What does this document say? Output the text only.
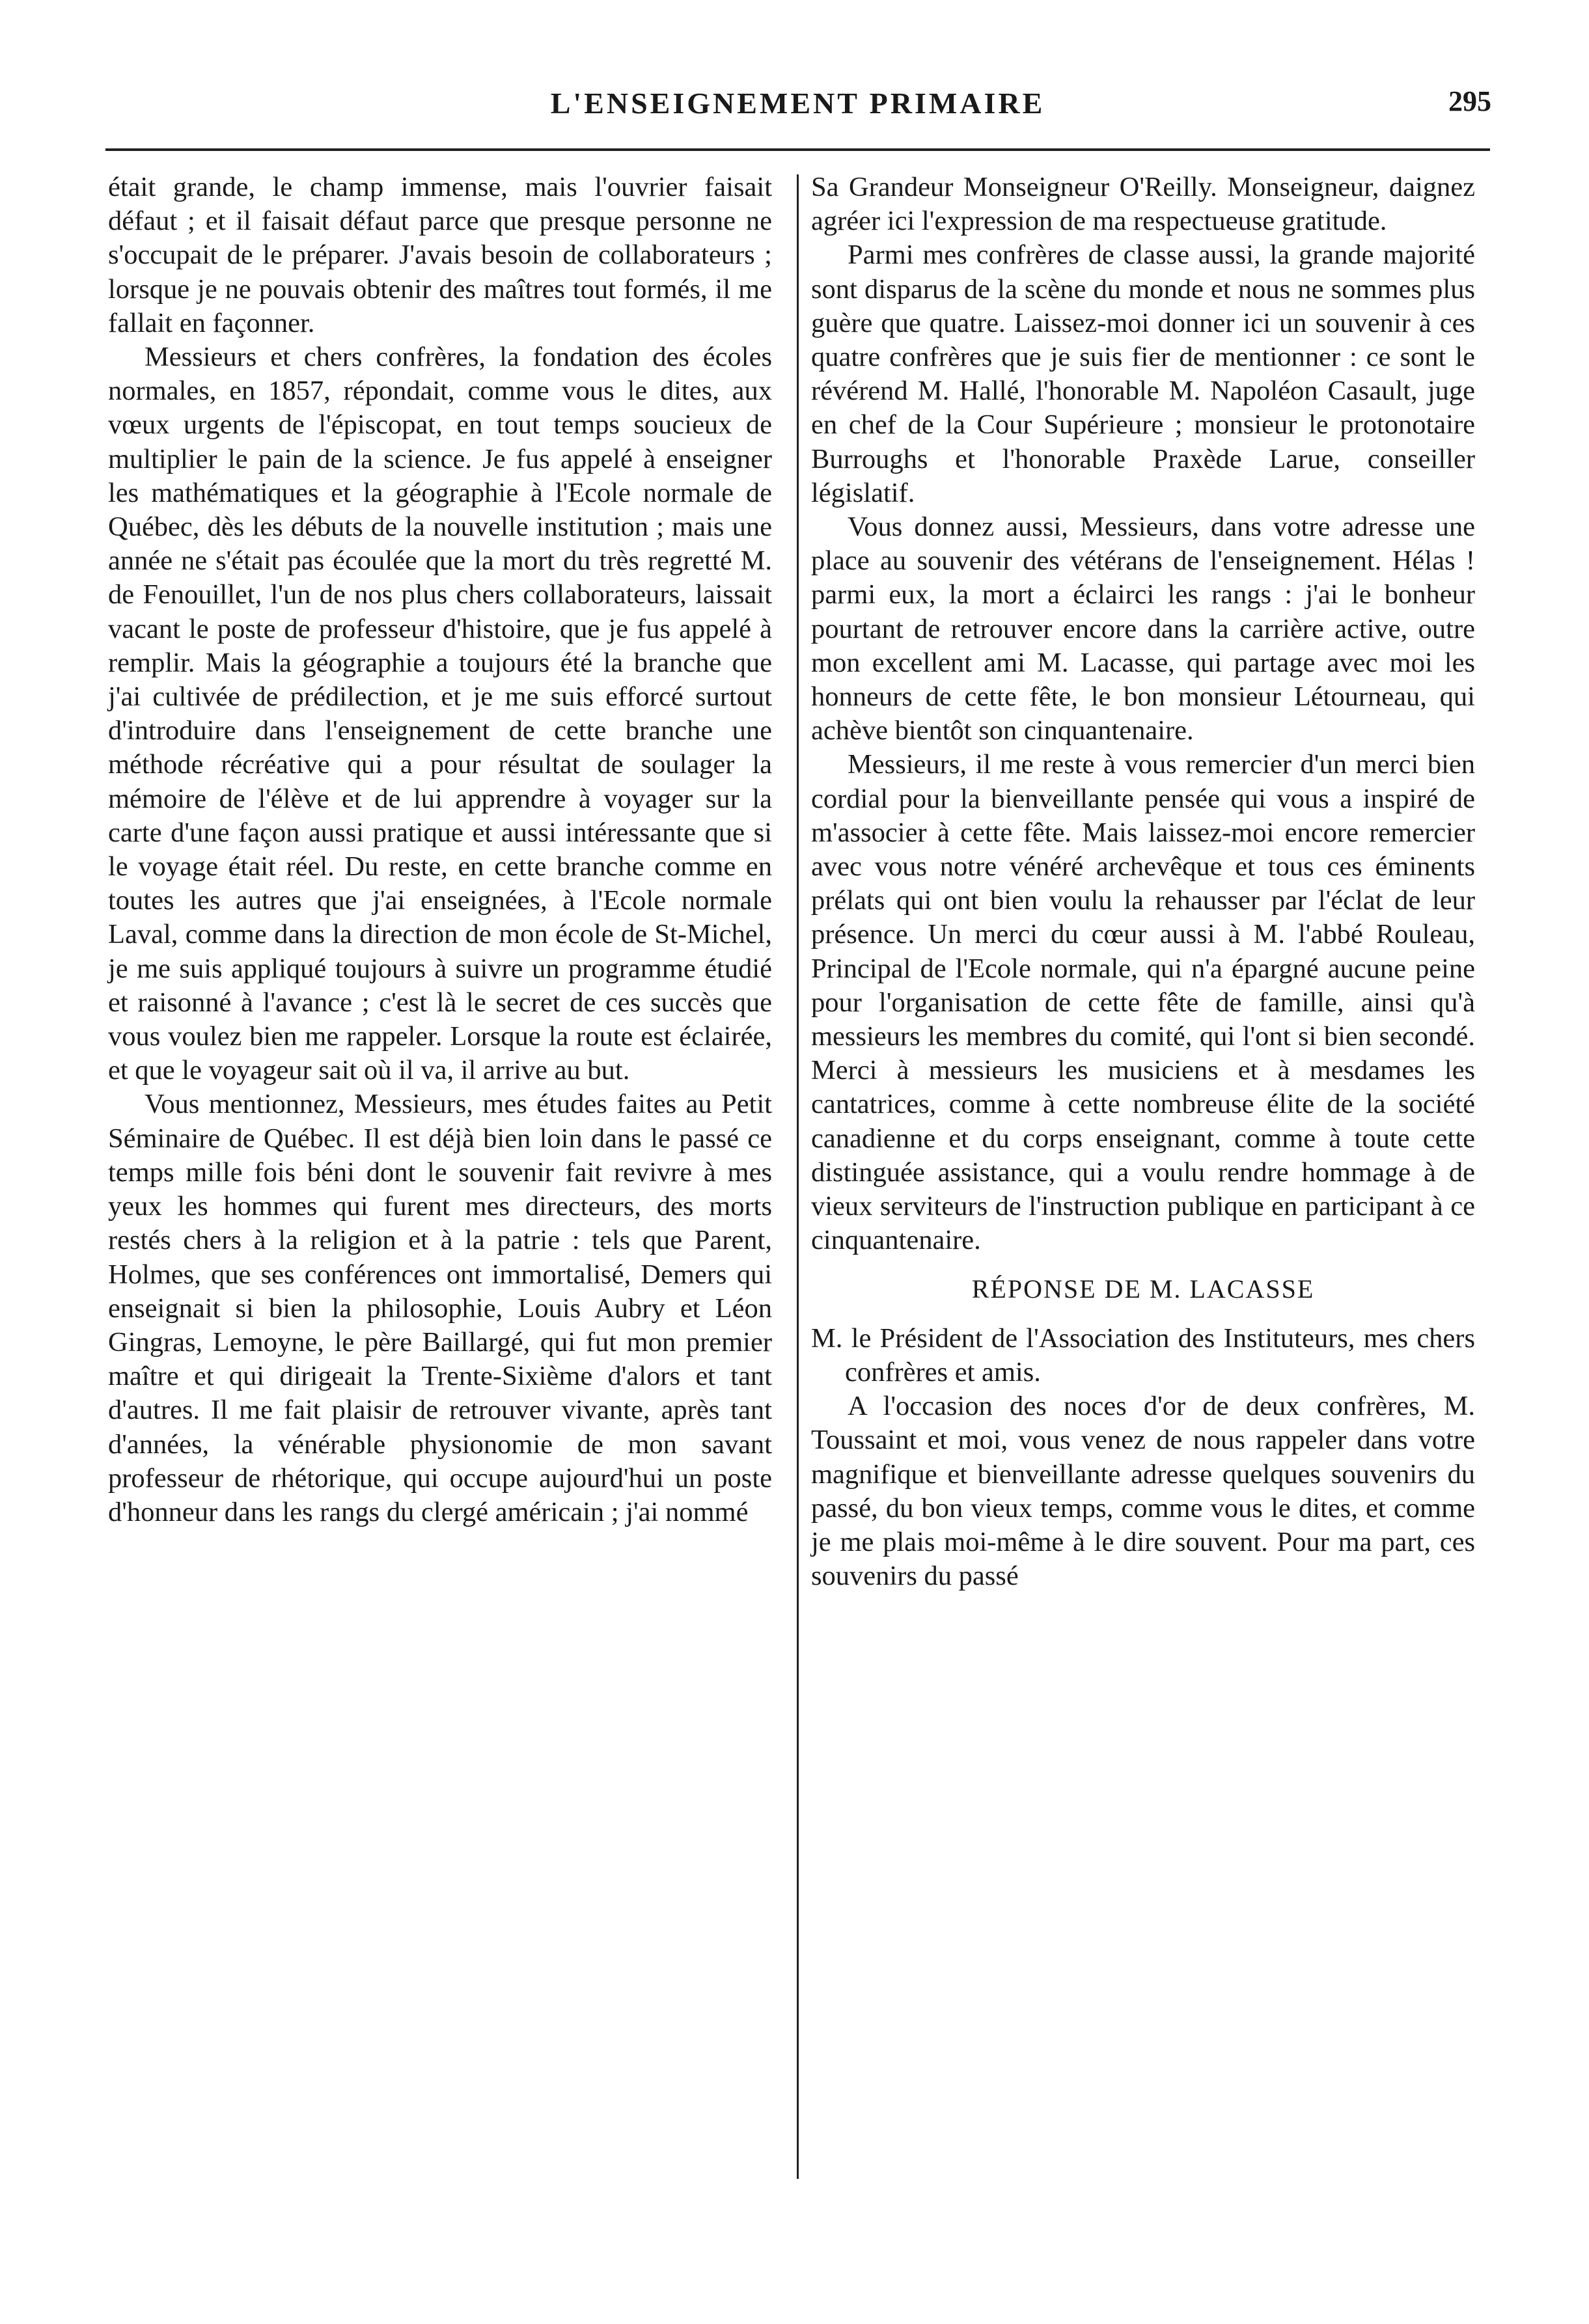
L'ENSEIGNEMENT PRIMAIRE	295

était grande, le champ immense, mais l'ouvrier faisait défaut ; et il faisait défaut parce que presque personne ne s'occupait de le préparer. J'avais besoin de collaborateurs ; lorsque je ne pouvais obtenir des maîtres tout formés, il me fallait en façonner.

Messieurs et chers confrères, la fondation des écoles normales, en 1857, répondait, comme vous le dites, aux vœux urgents de l'épiscopat, en tout temps soucieux de multiplier le pain de la science. Je fus appelé à enseigner les mathématiques et la géographie à l'Ecole normale de Québec, dès les débuts de la nouvelle institution ; mais une année ne s'était pas écoulée que la mort du très regretté M. de Fenouillet, l'un de nos plus chers collaborateurs, laissait vacant le poste de professeur d'histoire, que je fus appelé à remplir. Mais la géographie a toujours été la branche que j'ai cultivée de prédilection, et je me suis efforcé surtout d'introduire dans l'enseignement de cette branche une méthode récréative qui a pour résultat de soulager la mémoire de l'élève et de lui apprendre à voyager sur la carte d'une façon aussi pratique et aussi intéressante que si le voyage était réel. Du reste, en cette branche comme en toutes les autres que j'ai enseignées, à l'Ecole normale Laval, comme dans la direction de mon école de St-Michel, je me suis appliqué toujours à suivre un programme étudié et raisonné à l'avance ; c'est là le secret de ces succès que vous voulez bien me rappeler. Lorsque la route est éclairée, et que le voyageur sait où il va, il arrive au but.

Vous mentionnez, Messieurs, mes études faites au Petit Séminaire de Québec. Il est déjà bien loin dans le passé ce temps mille fois béni dont le souvenir fait revivre à mes yeux les hommes qui furent mes directeurs, des morts restés chers à la religion et à la patrie : tels que Parent, Holmes, que ses conférences ont immortalisé, Demers qui enseignait si bien la philosophie, Louis Aubry et Léon Gingras, Lemoyne, le père Baillargé, qui fut mon premier maître et qui dirigeait la Trente-Sixième d'alors et tant d'autres. Il me fait plaisir de retrouver vivante, après tant d'années, la vénérable physionomie de mon savant professeur de rhétorique, qui occupe aujourd'hui un poste d'honneur dans les rangs du clergé américain ; j'ai nommé

Sa Grandeur Monseigneur O'Reilly. Monseigneur, daignez agréer ici l'expression de ma respectueuse gratitude.

Parmi mes confrères de classe aussi, la grande majorité sont disparus de la scène du monde et nous ne sommes plus guère que quatre. Laissez-moi donner ici un souvenir à ces quatre confrères que je suis fier de mentionner : ce sont le révérend M. Hallé, l'honorable M. Napoléon Casault, juge en chef de la Cour Supérieure ; monsieur le protonotaire Burroughs et l'honorable Praxède Larue, conseiller législatif.

Vous donnez aussi, Messieurs, dans votre adresse une place au souvenir des vétérans de l'enseignement. Hélas ! parmi eux, la mort a éclairci les rangs : j'ai le bonheur pourtant de retrouver encore dans la carrière active, outre mon excellent ami M. Lacasse, qui partage avec moi les honneurs de cette fête, le bon monsieur Létourneau, qui achève bientôt son cinquantenaire.

Messieurs, il me reste à vous remercier d'un merci bien cordial pour la bienveillante pensée qui vous a inspiré de m'associer à cette fête. Mais laissez-moi encore remercier avec vous notre vénéré archevêque et tous ces éminents prélats qui ont bien voulu la rehausser par l'éclat de leur présence. Un merci du cœur aussi à M. l'abbé Rouleau, Principal de l'Ecole normale, qui n'a épargné aucune peine pour l'organisation de cette fête de famille, ainsi qu'à messieurs les membres du comité, qui l'ont si bien secondé. Merci à messieurs les musiciens et à mesdames les cantatrices, comme à cette nombreuse élite de la société canadienne et du corps enseignant, comme à toute cette distinguée assistance, qui a voulu rendre hommage à de vieux serviteurs de l'instruction publique en participant à ce cinquantenaire.

RÉPONSE DE M. LACASSE

M. le Président de l'Association des Instituteurs, mes chers confrères et amis.

A l'occasion des noces d'or de deux confrères, M. Toussaint et moi, vous venez de nous rappeler dans votre magnifique et bienveillante adresse quelques souvenirs du passé, du bon vieux temps, comme vous le dites, et comme je me plais moi-même à le dire souvent. Pour ma part, ces souvenirs du passé
